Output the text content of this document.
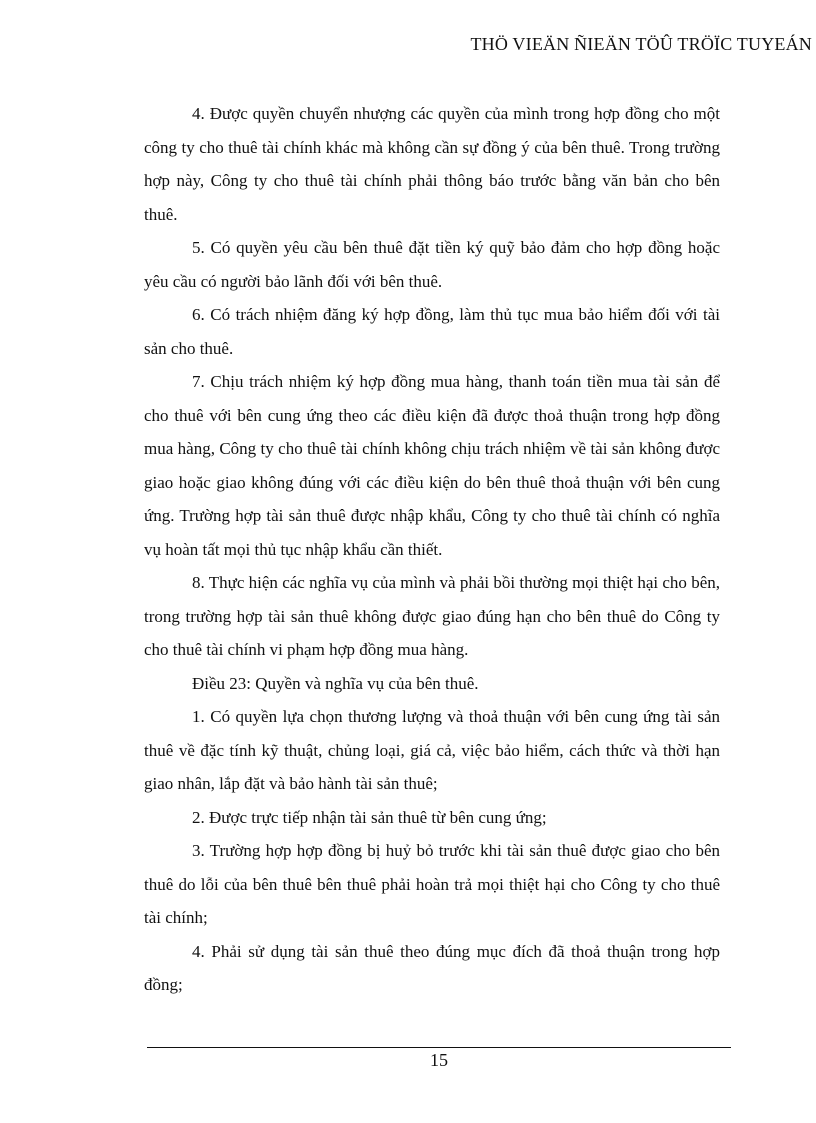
THÖ VIEÄN ÑIEÄN TÖÛ TRÖÏC TUYEÁN

4. Được quyền chuyển nhượng các quyền của mình trong hợp đồng cho một công ty cho thuê tài chính khác mà không cần sự đồng ý của bên thuê. Trong trường hợp này, Công ty cho thuê tài chính phải thông báo trước bằng văn bản cho bên thuê.

5. Có quyền yêu cầu bên thuê đặt tiền ký quỹ bảo đảm cho hợp đồng hoặc yêu cầu có người bảo lãnh đối với bên thuê.

6. Có trách nhiệm đăng ký hợp đồng, làm thủ tục mua bảo hiểm đối với tài sản cho thuê.

7. Chịu trách nhiệm ký hợp đồng mua hàng, thanh toán tiền mua tài sản để cho thuê với bên cung ứng theo các điều kiện đã được thoả thuận trong hợp đồng mua hàng, Công ty cho thuê tài chính không chịu trách nhiệm về tài sản không được giao hoặc giao không đúng với các điều kiện do bên thuê thoả thuận với bên cung ứng. Trường hợp tài sản thuê được nhập khẩu, Công ty cho thuê tài chính có nghĩa vụ hoàn tất mọi thủ tục nhập khẩu cần thiết.

8. Thực hiện các nghĩa vụ của mình và phải bồi thường mọi thiệt hại cho bên, trong trường hợp tài sản thuê không được giao đúng hạn cho bên thuê do Công ty cho thuê tài chính vi phạm hợp đồng mua hàng.

Điều 23: Quyền và nghĩa vụ của bên thuê.

1. Có quyền lựa chọn thương lượng và thoả thuận với bên cung ứng tài sản thuê về đặc tính kỹ thuật, chủng loại, giá cả, việc bảo hiểm, cách thức và thời hạn giao nhân, lắp đặt và bảo hành tài sản thuê;

2. Được trực tiếp nhận tài sản thuê từ bên cung ứng;

3. Trường hợp hợp đồng bị huỷ bỏ trước khi tài sản thuê được giao cho bên thuê do lỗi của bên thuê bên thuê phải hoàn trả mọi thiệt hại cho Công ty cho thuê tài chính;

4. Phải sử dụng tài sản thuê theo đúng mục đích đã thoả thuận trong hợp đồng;

15
